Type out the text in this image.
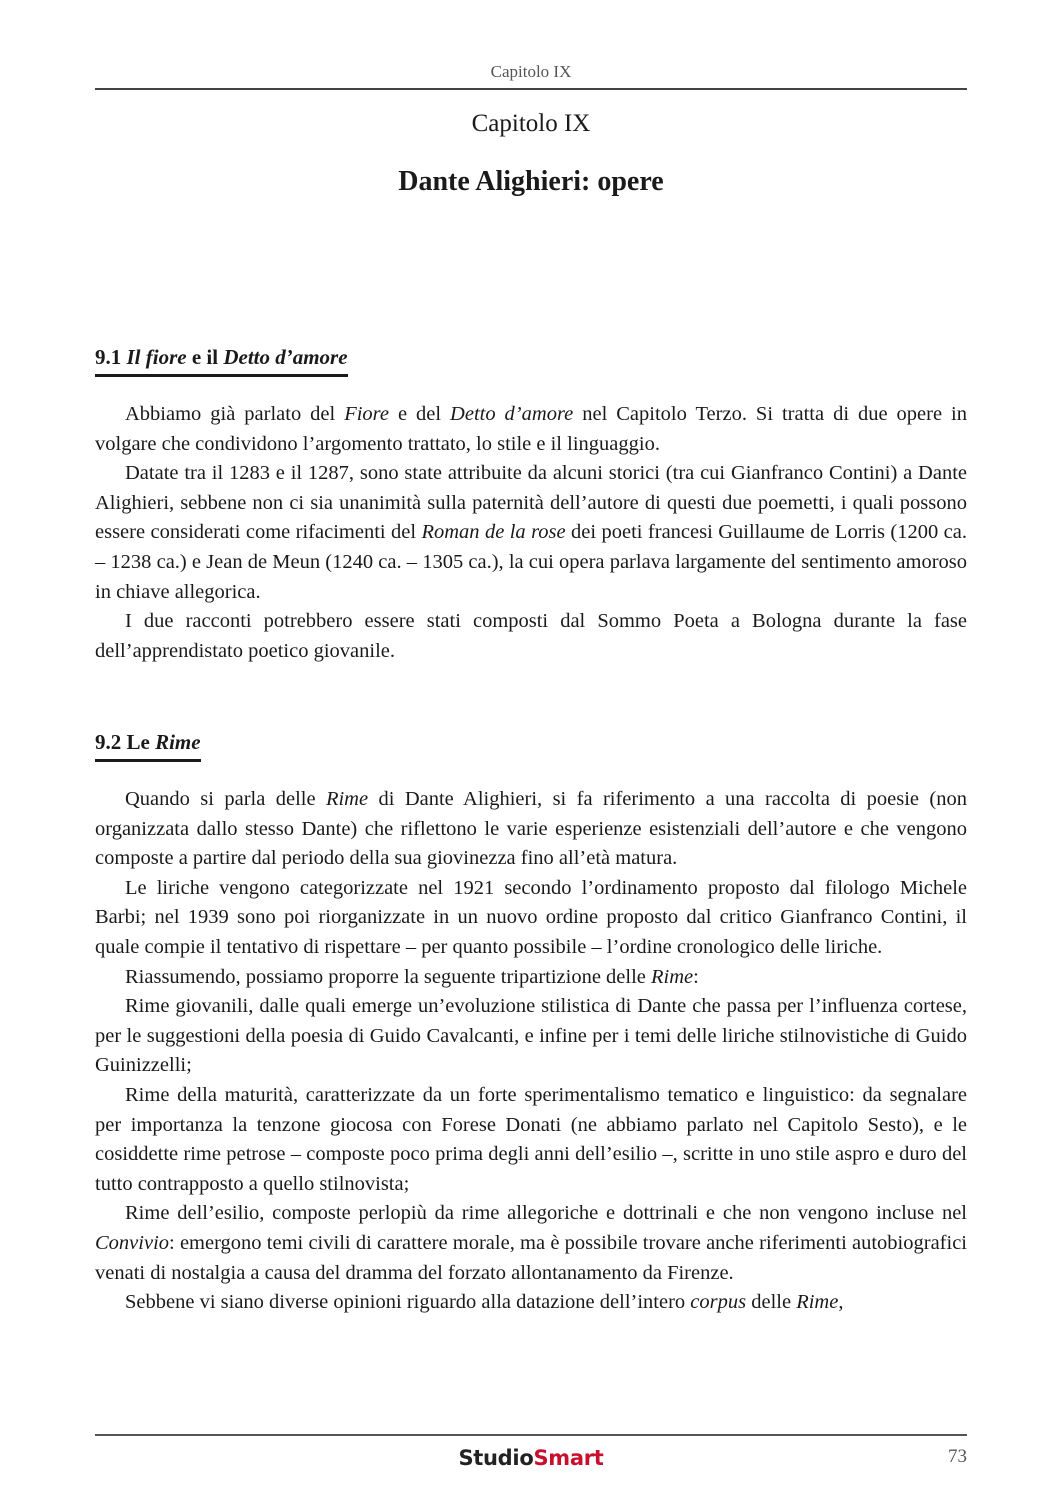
Capitolo IX
Capitolo IX
Dante Alighieri: opere
9.1 Il fiore e il Detto d’amore

Abbiamo già parlato del Fiore e del Detto d’amore nel Capitolo Terzo. Si tratta di due opere in volgare che condividono l’argomento trattato, lo stile e il linguaggio.

Datate tra il 1283 e il 1287, sono state attribuite da alcuni storici (tra cui Gianfranco Contini) a Dante Alighieri, sebbene non ci sia unanimità sulla paternità dell’autore di questi due poemetti, i quali possono essere considerati come rifacimenti del Roman de la rose dei poeti francesi Guillaume de Lorris (1200 ca. – 1238 ca.) e Jean de Meun (1240 ca. – 1305 ca.), la cui opera parlava largamente del sentimento amoroso in chiave allegorica.

I due racconti potrebbero essere stati composti dal Sommo Poeta a Bologna durante la fase dell’apprendistato poetico giovanile.

9.2 Le Rime

Quando si parla delle Rime di Dante Alighieri, si fa riferimento a una raccolta di poesie (non organizzata dallo stesso Dante) che riflettono le varie esperienze esistenziali dell’autore e che vengono composte a partire dal periodo della sua giovinezza fino all’età matura.

Le liriche vengono categorizzate nel 1921 secondo l’ordinamento proposto dal filologo Michele Barbi; nel 1939 sono poi riorganizzate in un nuovo ordine proposto dal critico Gianfranco Contini, il quale compie il tentativo di rispettare – per quanto possibile – l’ordine cronologico delle liriche.

Riassumendo, possiamo proporre la seguente tripartizione delle Rime:

Rime giovanili, dalle quali emerge un’evoluzione stilistica di Dante che passa per l’influenza cortese, per le suggestioni della poesia di Guido Cavalcanti, e infine per i temi delle liriche stilnovistiche di Guido Guinizzelli;

Rime della maturità, caratterizzate da un forte sperimentalismo tematico e linguistico: da segnalare per importanza la tenzone giocosa con Forese Donati (ne abbiamo parlato nel Capitolo Sesto), e le cosiddette rime petrose – composte poco prima degli anni dell’esilio –, scritte in uno stile aspro e duro del tutto contrapposto a quello stilnovista;

Rime dell’esilio, composte perlopiù da rime allegoriche e dottrinali e che non vengono incluse nel Convivio: emergono temi civili di carattere morale, ma è possibile trovare anche riferimenti autobiografici venati di nostalgia a causa del dramma del forzato allontanamento da Firenze.

Sebbene vi siano diverse opinioni riguardo alla datazione dell’intero corpus delle Rime,

StudioSmart	73
